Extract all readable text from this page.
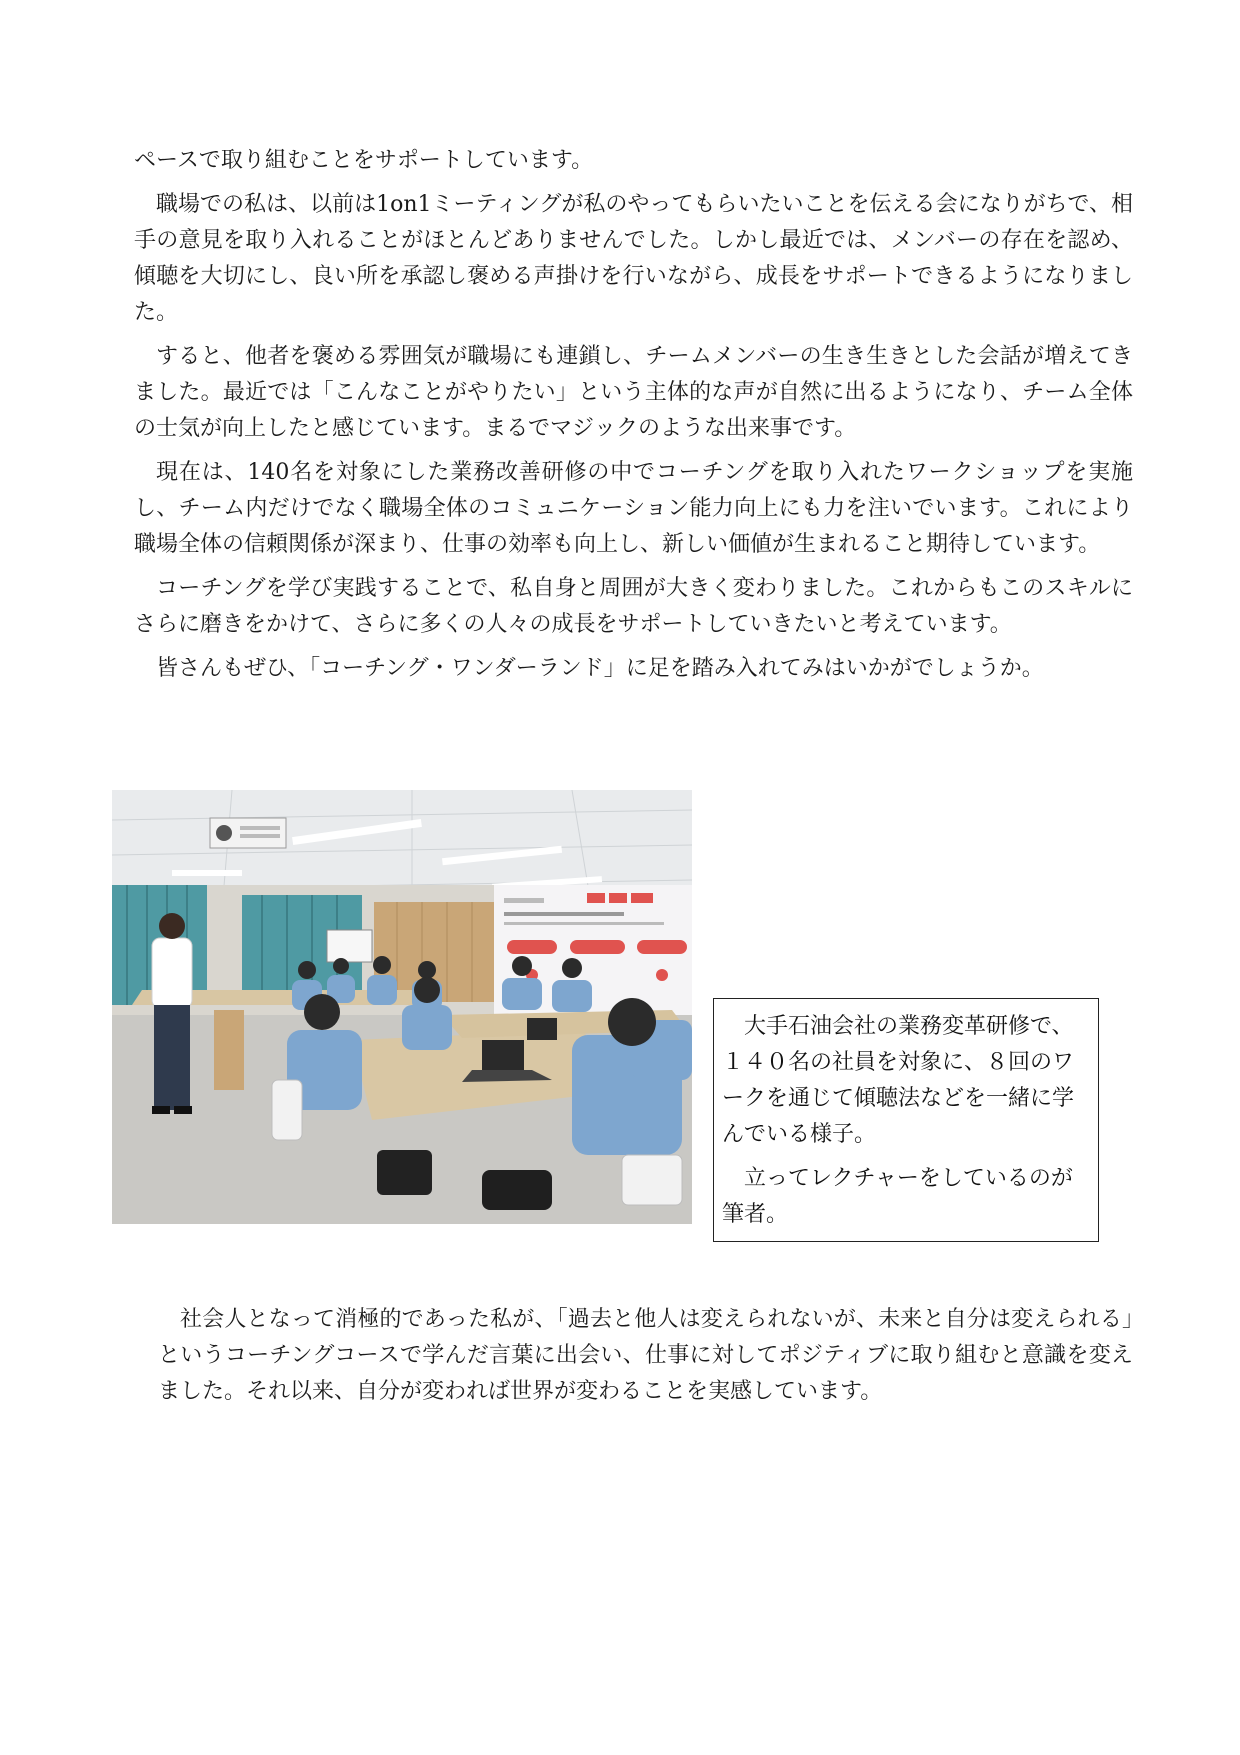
ペースで取り組むことをサポートしています。

職場での私は、以前は1on1ミーティングが私のやってもらいたいことを伝える会になりがちで、相手の意見を取り入れることがほとんどありませんでした。しかし最近では、メンバーの存在を認め、傾聴を大切にし、良い所を承認し褒める声掛けを行いながら、成長をサポートできるようになりました。

すると、他者を褒める雰囲気が職場にも連鎖し、チームメンバーの生き生きとした会話が増えてきました。最近では「こんなことがやりたい」という主体的な声が自然に出るようになり、チーム全体の士気が向上したと感じています。まるでマジックのような出来事です。

現在は、140名を対象にした業務改善研修の中でコーチングを取り入れたワークショップを実施し、チーム内だけでなく職場全体のコミュニケーション能力向上にも力を注いでいます。これにより職場全体の信頼関係が深まり、仕事の効率も向上し、新しい価値が生まれること期待しています。

コーチングを学び実践することで、私自身と周囲が大きく変わりました。これからもこのスキルにさらに磨きをかけて、さらに多くの人々の成長をサポートしていきたいと考えています。

皆さんもぜひ、「コーチング・ワンダーランド」に足を踏み入れてみはいかがでしょうか。

大手石油会社の業務変革研修で、１４０名の社員を対象に、８回のワークを通じて傾聴法などを一緒に学んでいる様子。

立ってレクチャーをしているのが筆者。

社会人となって消極的であった私が、「過去と他人は変えられないが、未来と自分は変えられる」というコーチングコースで学んだ言葉に出会い、仕事に対してポジティブに取り組むと意識を変えました。それ以来、自分が変われば世界が変わることを実感しています。
